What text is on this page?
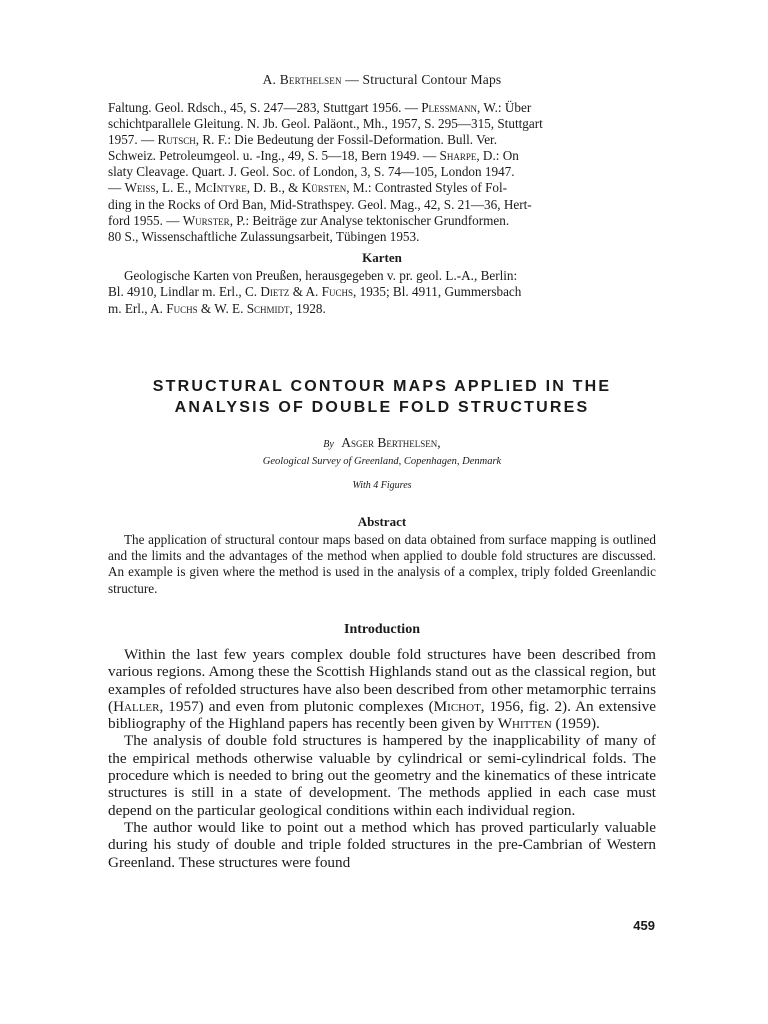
A. Berthelsen — Structural Contour Maps

Faltung. Geol. Rdsch., 45, S. 247—283, Stuttgart 1956. — Plessmann, W.: Über

schichtparallele Gleitung. N. Jb. Geol. Paläont., Mh., 1957, S. 295—315, Stuttgart

1957. — Rutsch, R. F.: Die Bedeutung der Fossil-Deformation. Bull. Ver.

Schweiz. Petroleumgeol. u. -Ing., 49, S. 5—18, Bern 1949. — Sharpe, D.: On

slaty Cleavage. Quart. J. Geol. Soc. of London, 3, S. 74—105, London 1947.

— Weiss, L. E., McIntyre, D. B., & Kürsten, M.: Contrasted Styles of Fol-

ding in the Rocks of Ord Ban, Mid-Strathspey. Geol. Mag., 42, S. 21—36, Hert-

ford 1955. — Wurster, P.: Beiträge zur Analyse tektonischer Grundformen.

80 S., Wissenschaftliche Zulassungsarbeit, Tübingen 1953.

Karten

Geologische Karten von Preußen, herausgegeben v. pr. geol. L.-A., Berlin:

Bl. 4910, Lindlar m. Erl., C. Dietz & A. Fuchs, 1935; Bl. 4911, Gummersbach

m. Erl., A. Fuchs & W. E. Schmidt, 1928.

STRUCTURAL CONTOUR MAPS APPLIED IN THE
ANALYSIS OF DOUBLE FOLD STRUCTURES
By Asger Berthelsen,
Geological Survey of Greenland, Copenhagen, Denmark
With 4 Figures
Abstract

The application of structural contour maps based on data obtained from surface mapping is outlined and the limits and the advantages of the method when applied to double fold structures are discussed. An example is given where the method is used in the analysis of a complex, triply folded Greenlandic structure.

Introduction

Within the last few years complex double fold structures have been described from various regions. Among these the Scottish Highlands stand out as the classical region, but examples of refolded structures have also been described from other metamorphic terrains (Haller, 1957) and even from plutonic complexes (Michot, 1956, fig. 2). An extensive bibliography of the Highland papers has recently been given by Whitten (1959).

The analysis of double fold structures is hampered by the inapplicability of many of the empirical methods otherwise valuable by cylindrical or semi-cylindrical folds. The procedure which is needed to bring out the geometry and the kinematics of these intricate structures is still in a state of development. The methods applied in each case must depend on the particular geological conditions within each individual region.

The author would like to point out a method which has proved particularly valuable during his study of double and triple folded structures in the pre-Cambrian of Western Greenland. These structures were found

459
